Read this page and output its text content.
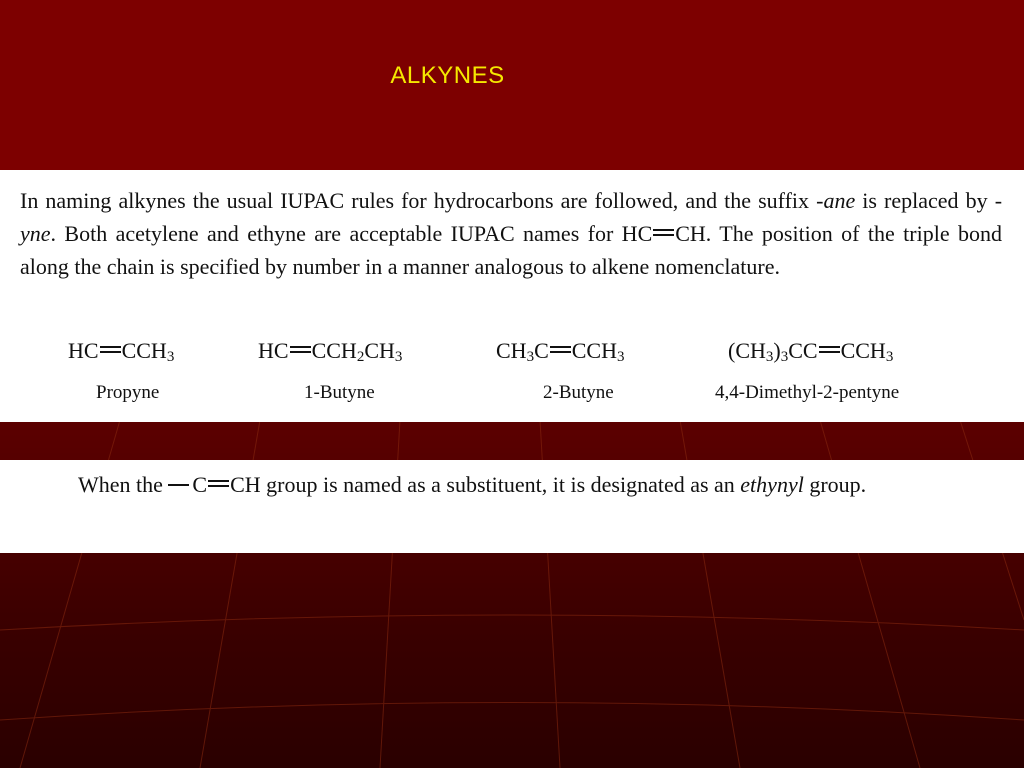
ALKYNES

In naming alkynes the usual IUPAC rules for hydrocarbons are followed, and the suffix -ane is replaced by -yne. Both acetylene and ethyne are acceptable IUPAC names for HC CH. The position of the triple bond along the chain is specified by number in a manner analogous to alkene nomenclature.

HC $CCH_3$
Propyne
HC $CCH_2CH_3$
1-Butyne
$CH_3C$ $CCH_3$
2-Butyne
$(CH_3)_3CC$ $CCH_3$
4,4-Dimethyl-2-pentyne

When the C CH group is named as a substituent, it is designated as an ethynyl group.
